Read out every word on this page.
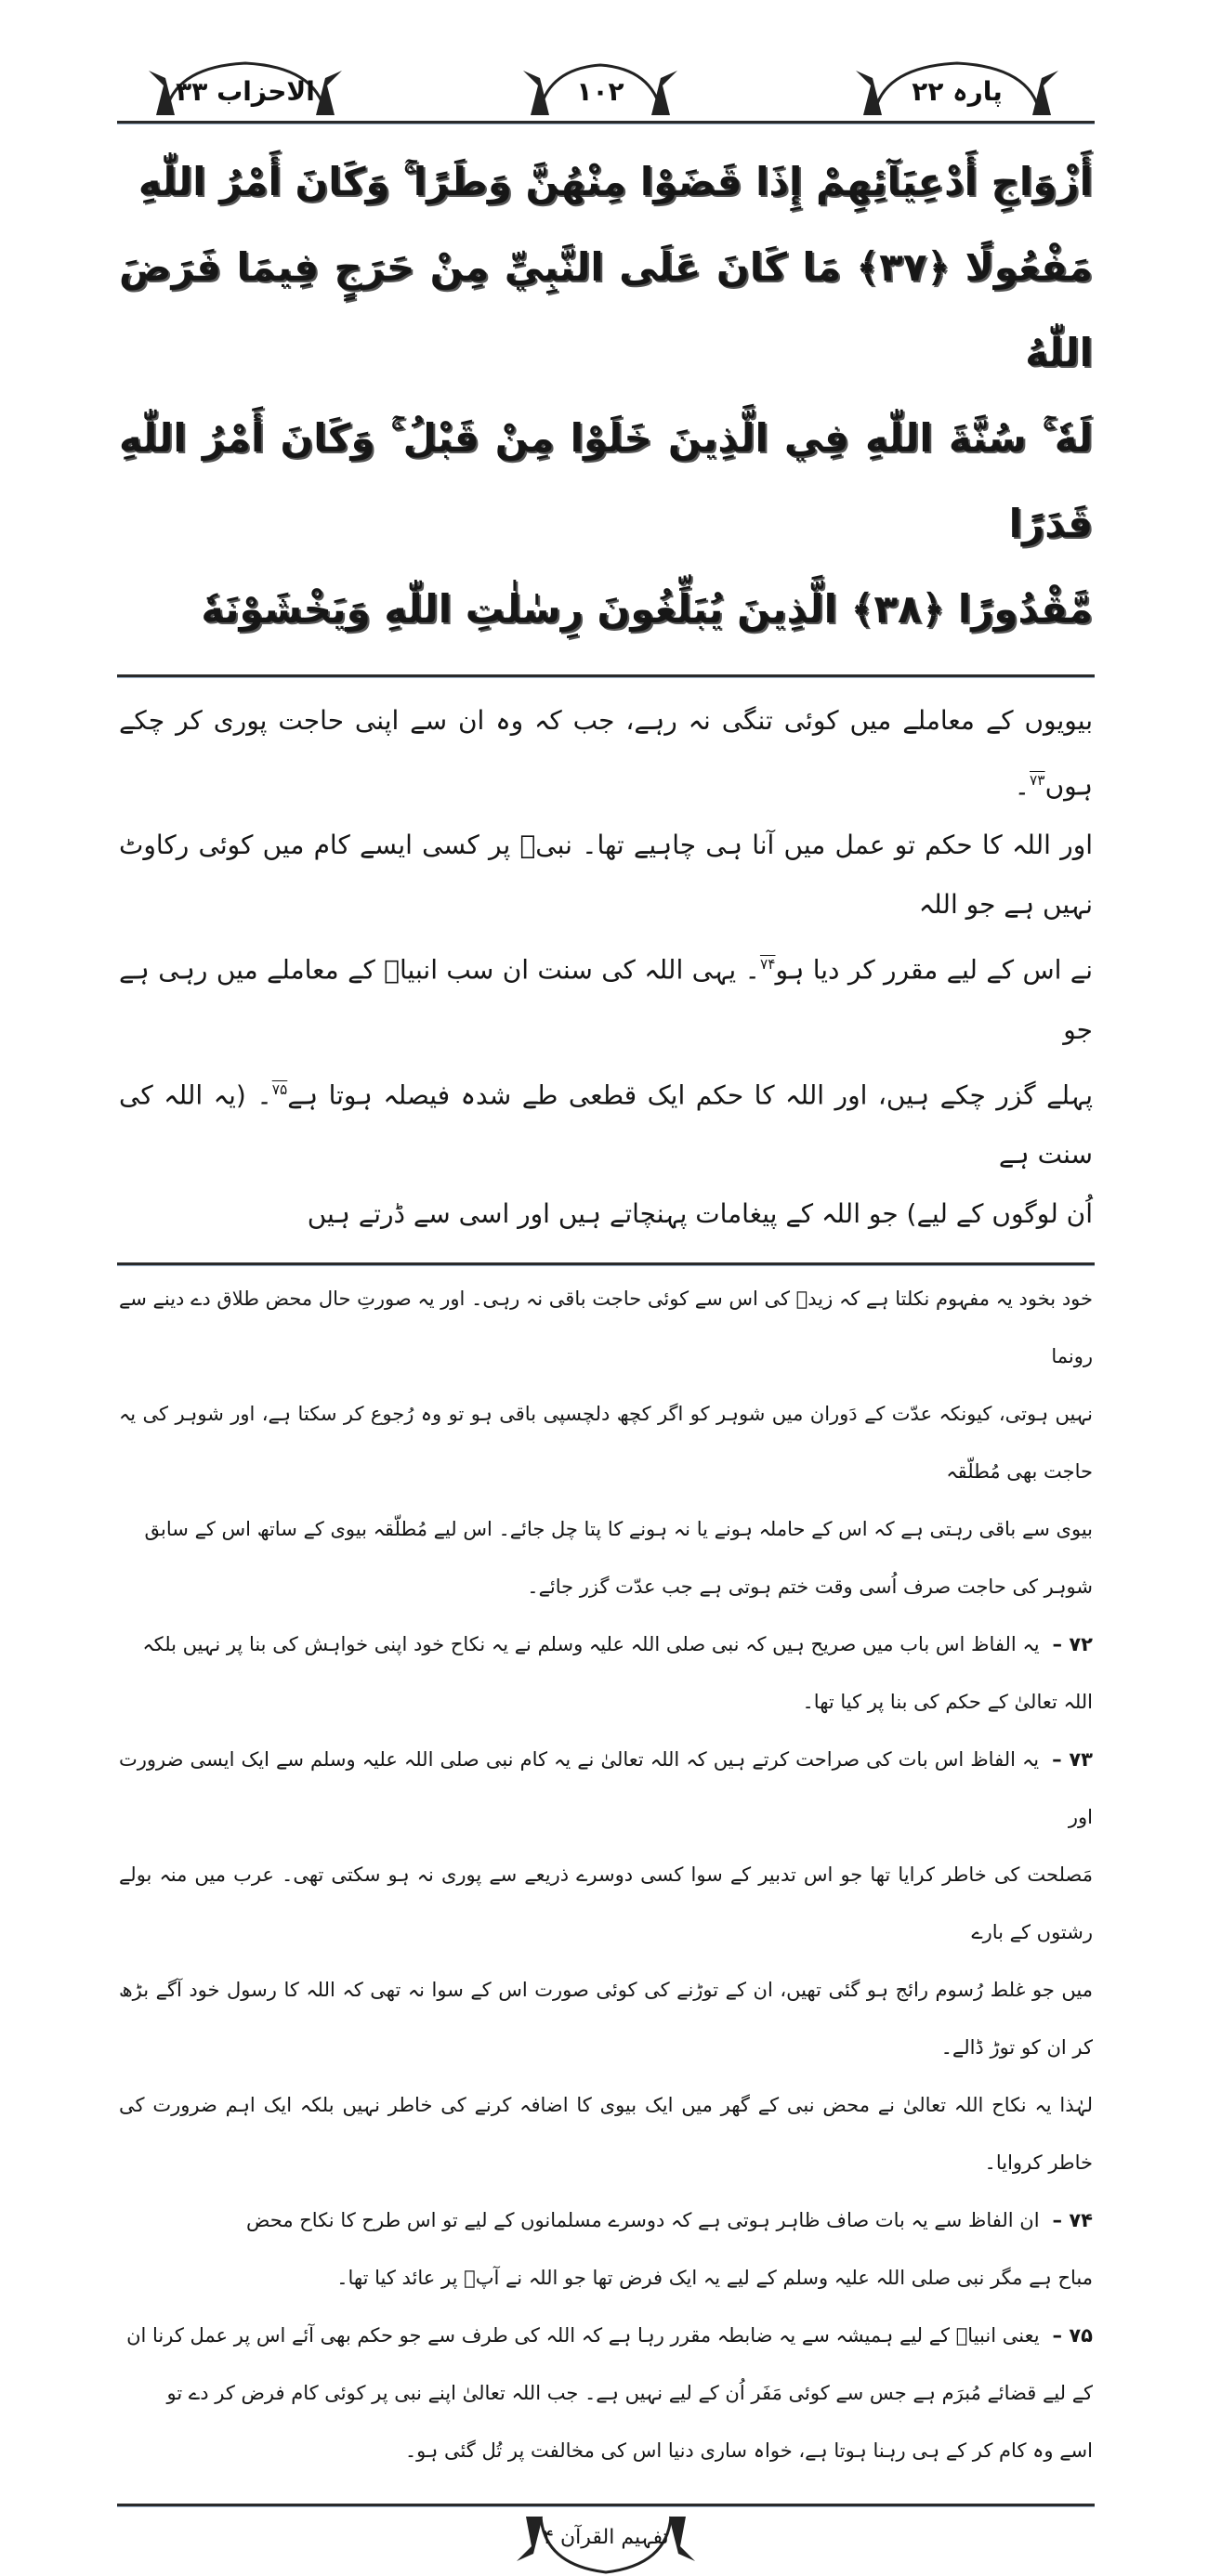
الاحزاب ۳۳	۱۰۲	پارہ ۲۲
أَزْوَاجِ أَدْعِيَآئِهِمْ إِذَا قَضَوْا مِنْهُنَّ وَطَرًا ۚ وَكَانَ أَمْرُ اللّٰهِ
مَفْعُولًا ﴿٣٧﴾ مَا كَانَ عَلَى النَّبِيِّ مِنْ حَرَجٍ فِيمَا فَرَضَ اللّٰهُ
لَهٗ ۚ سُنَّةَ اللّٰهِ فِي الَّذِينَ خَلَوْا مِنْ قَبْلُ ۚ وَكَانَ أَمْرُ اللّٰهِ قَدَرًا
مَّقْدُورًا ﴿٣٨﴾ الَّذِينَ يُبَلِّغُونَ رِسٰلٰتِ اللّٰهِ وَيَخْشَوْنَهٗ
بیویوں کے معاملے میں کوئی تنگی نہ رہے، جب کہ وہ ان سے اپنی حاجت پوری کر چکے ہوں$^{۷۳}$۔
اور اللہ کا حکم تو عمل میں آنا ہی چاہیے تھا۔ نبیؐ پر کسی ایسے کام میں کوئی رکاوٹ نہیں ہے جو اللہ
نے اس کے لیے مقرر کر دیا ہو$^{۷۴}$۔ یہی اللہ کی سنت ان سب انبیاؑ کے معاملے میں رہی ہے جو
پہلے گزر چکے ہیں، اور اللہ کا حکم ایک قطعی طے شدہ فیصلہ ہوتا ہے$^{۷۵}$۔ (یہ اللہ کی سنت ہے
اُن لوگوں کے لیے) جو اللہ کے پیغامات پہنچاتے ہیں اور اسی سے ڈرتے ہیں
خود بخود یہ مفہوم نکلتا ہے کہ زیدؓ کی اس سے کوئی حاجت باقی نہ رہی۔ اور یہ صورتِ حال محض طلاق دے دینے سے رونما
نہیں ہوتی، کیونکہ عدّت کے دَوران میں شوہر کو اگر کچھ دلچسپی باقی ہو تو وہ رُجوع کر سکتا ہے، اور شوہر کی یہ حاجت بھی مُطلّقہ
بیوی سے باقی رہتی ہے کہ اس کے حاملہ ہونے یا نہ ہونے کا پتا چل جائے۔ اس لیے مُطلّقہ بیوی کے ساتھ اس کے سابق
شوہر کی حاجت صرف اُسی وقت ختم ہوتی ہے جب عدّت گزر جائے۔
۷۲ –یہ الفاظ اس باب میں صریح ہیں کہ نبی صلی اللہ علیہ وسلم نے یہ نکاح خود اپنی خواہش کی بنا پر نہیں بلکہ
اللہ تعالیٰ کے حکم کی بنا پر کیا تھا۔
۷۳ –یہ الفاظ اس بات کی صراحت کرتے ہیں کہ اللہ تعالیٰ نے یہ کام نبی صلی اللہ علیہ وسلم سے ایک ایسی ضرورت اور
مَصلحت کی خاطر کرایا تھا جو اس تدبیر کے سوا کسی دوسرے ذریعے سے پوری نہ ہو سکتی تھی۔ عرب میں منہ بولے رشتوں کے بارے
میں جو غلط رُسوم رائج ہو گئی تھیں، ان کے توڑنے کی کوئی صورت اس کے سوا نہ تھی کہ اللہ کا رسول خود آگے بڑھ کر ان کو توڑ ڈالے۔
لہٰذا یہ نکاح اللہ تعالیٰ نے محض نبی کے گھر میں ایک بیوی کا اضافہ کرنے کی خاطر نہیں بلکہ ایک اہم ضرورت کی خاطر کروایا۔
۷۴ –ان الفاظ سے یہ بات صاف ظاہر ہوتی ہے کہ دوسرے مسلمانوں کے لیے تو اس طرح کا نکاح محض
مباح ہے مگر نبی صلی اللہ علیہ وسلم کے لیے یہ ایک فرض تھا جو اللہ نے آپؐ پر عائد کیا تھا۔
۷۵ –یعنی انبیاؑ کے لیے ہمیشہ سے یہ ضابطہ مقرر رہا ہے کہ اللہ کی طرف سے جو حکم بھی آئے اس پر عمل کرنا ان
کے لیے قضائے مُبرَم ہے جس سے کوئی مَفَر اُن کے لیے نہیں ہے۔ جب اللہ تعالیٰ اپنے نبی پر کوئی کام فرض کر دے تو
اسے وہ کام کر کے ہی رہنا ہوتا ہے، خواہ ساری دنیا اس کی مخالفت پر تُل گئی ہو۔
تفہیم القرآن ۴
